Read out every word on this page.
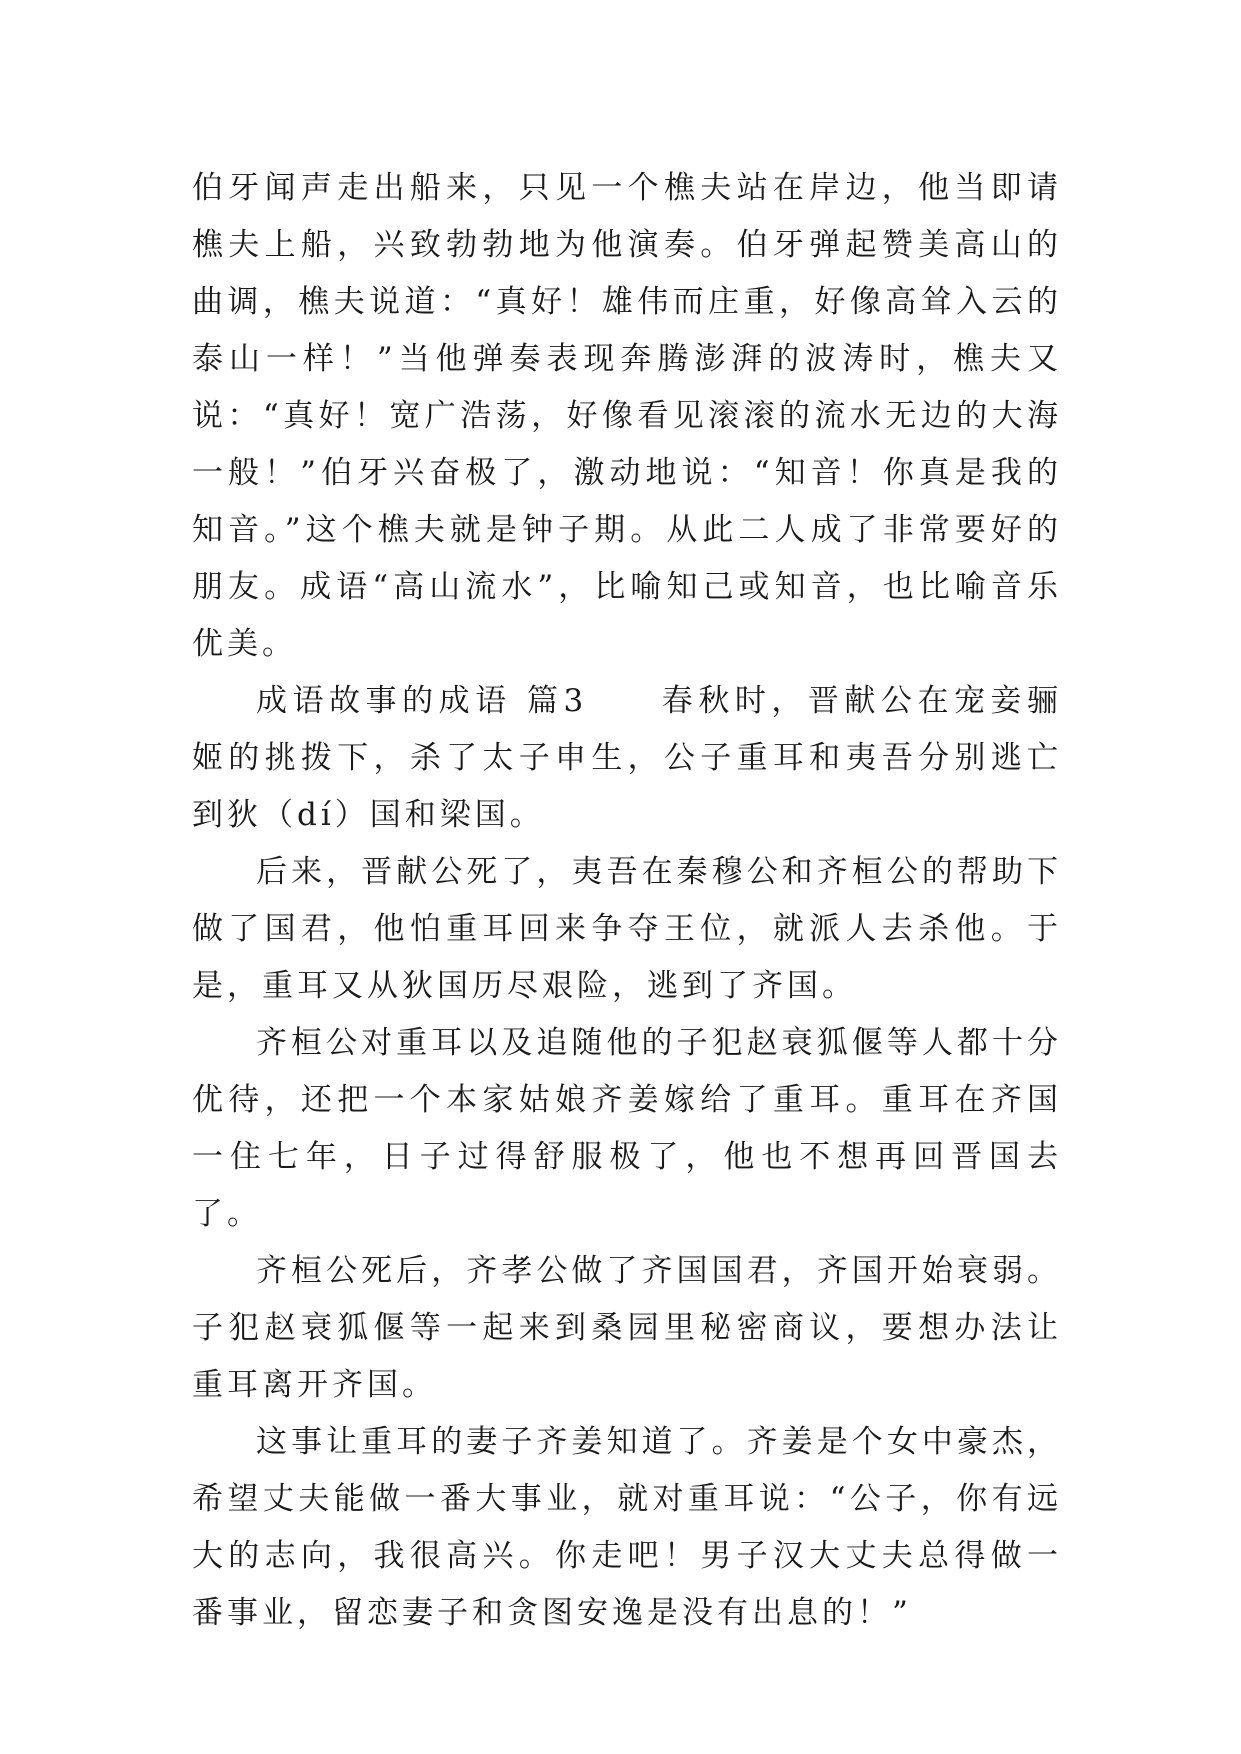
伯牙闻声走出船来，只见一个樵夫站在岸边，他当即请樵夫上船，兴致勃勃地为他演奏。伯牙弹起赞美高山的曲调，樵夫说道：“真好！雄伟而庄重，好像高耸入云的泰山一样！”当他弹奏表现奔腾澎湃的波涛时，樵夫又说：“真好！宽广浩荡，好像看见滚滚的流水无边的大海一般！”伯牙兴奋极了，激动地说：“知音！你真是我的知音。”这个樵夫就是钟子期。从此二人成了非常要好的朋友。成语“高山流水”，比喻知己或知音，也比喻音乐优美。

成语故事的成语 篇3　　春秋时，晋献公在宠妾骊姬的挑拨下，杀了太子申生，公子重耳和夷吾分别逃亡到狄（dí）国和梁国。

后来，晋献公死了，夷吾在秦穆公和齐桓公的帮助下做了国君，他怕重耳回来争夺王位，就派人去杀他。于是，重耳又从狄国历尽艰险，逃到了齐国。

齐桓公对重耳以及追随他的子犯赵衰狐偃等人都十分优待，还把一个本家姑娘齐姜嫁给了重耳。重耳在齐国一住七年，日子过得舒服极了，他也不想再回晋国去了。

齐桓公死后，齐孝公做了齐国国君，齐国开始衰弱。子犯赵衰狐偃等一起来到桑园里秘密商议，要想办法让重耳离开齐国。

这事让重耳的妻子齐姜知道了。齐姜是个女中豪杰，希望丈夫能做一番大事业，就对重耳说：“公子，你有远大的志向，我很高兴。你走吧！男子汉大丈夫总得做一番事业，留恋妻子和贪图安逸是没有出息的！”
